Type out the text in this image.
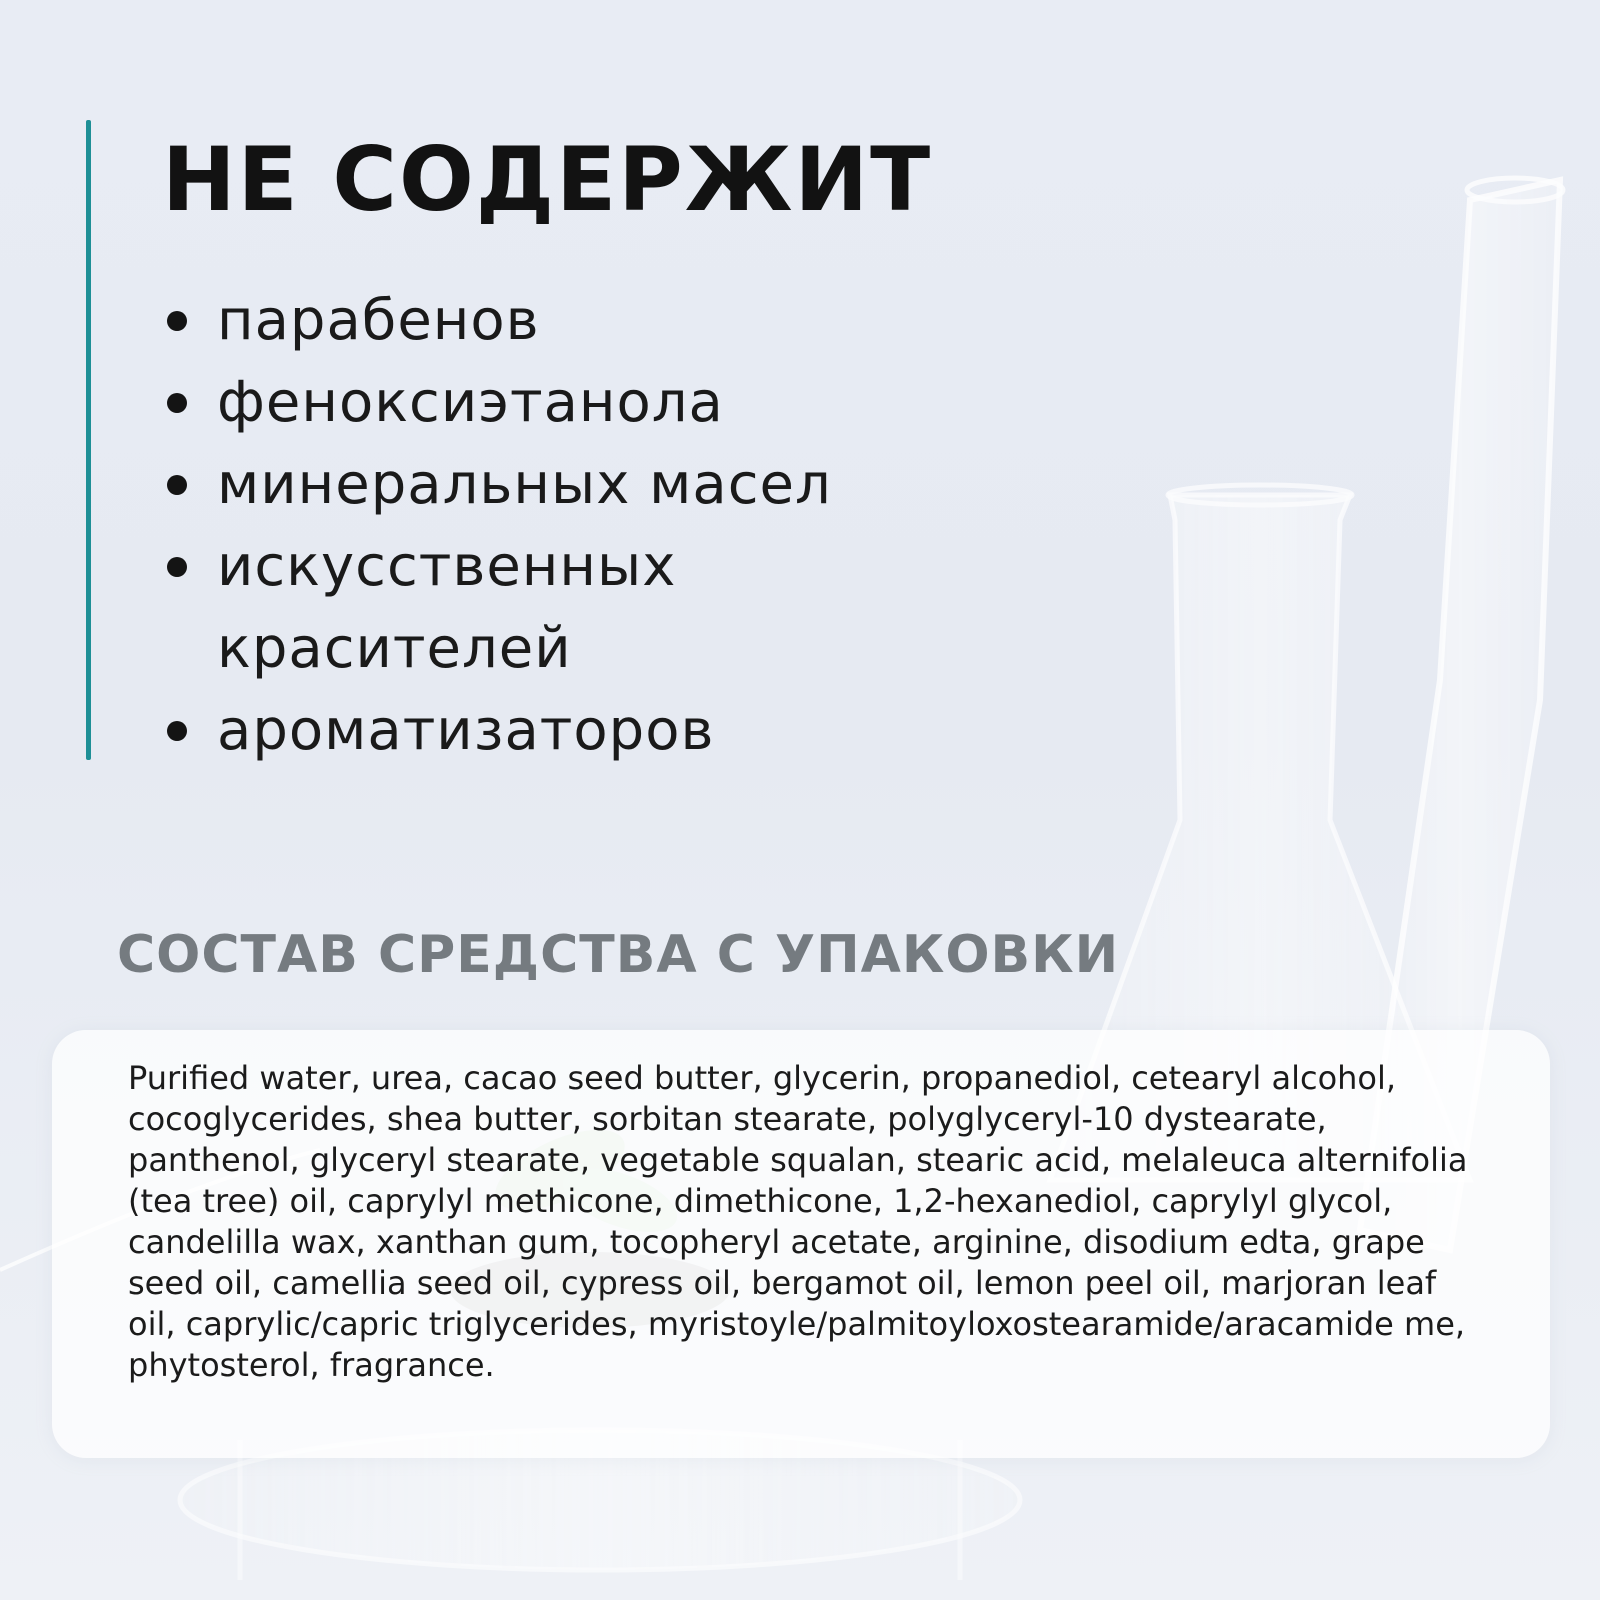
НЕ СОДЕРЖИТ
парабенов
феноксиэтанола
минеральных масел
искусственных
красителей
ароматизаторов
СОСТАВ СРЕДСТВА С УПАКОВКИ

Purified water, urea, cacao seed butter, glycerin, propanediol, cetearyl alcohol, cocoglycerides, shea butter, sorbitan stearate, polyglyceryl-10 dystearate, panthenol, glyceryl stearate, vegetable squalan, stearic acid, melaleuca alternifolia (tea tree) oil, caprylyl methicone, dimethicone, 1,2-hexanediol, caprylyl glycol, candelilla wax, xanthan gum, tocopheryl acetate, arginine, disodium edta, grape seed oil, camellia seed oil, cypress oil, bergamot oil, lemon peel oil, marjoran leaf oil, caprylic/capric triglycerides, myristoyle/palmitoyloxostearamide/aracamide me, phytosterol, fragrance.
